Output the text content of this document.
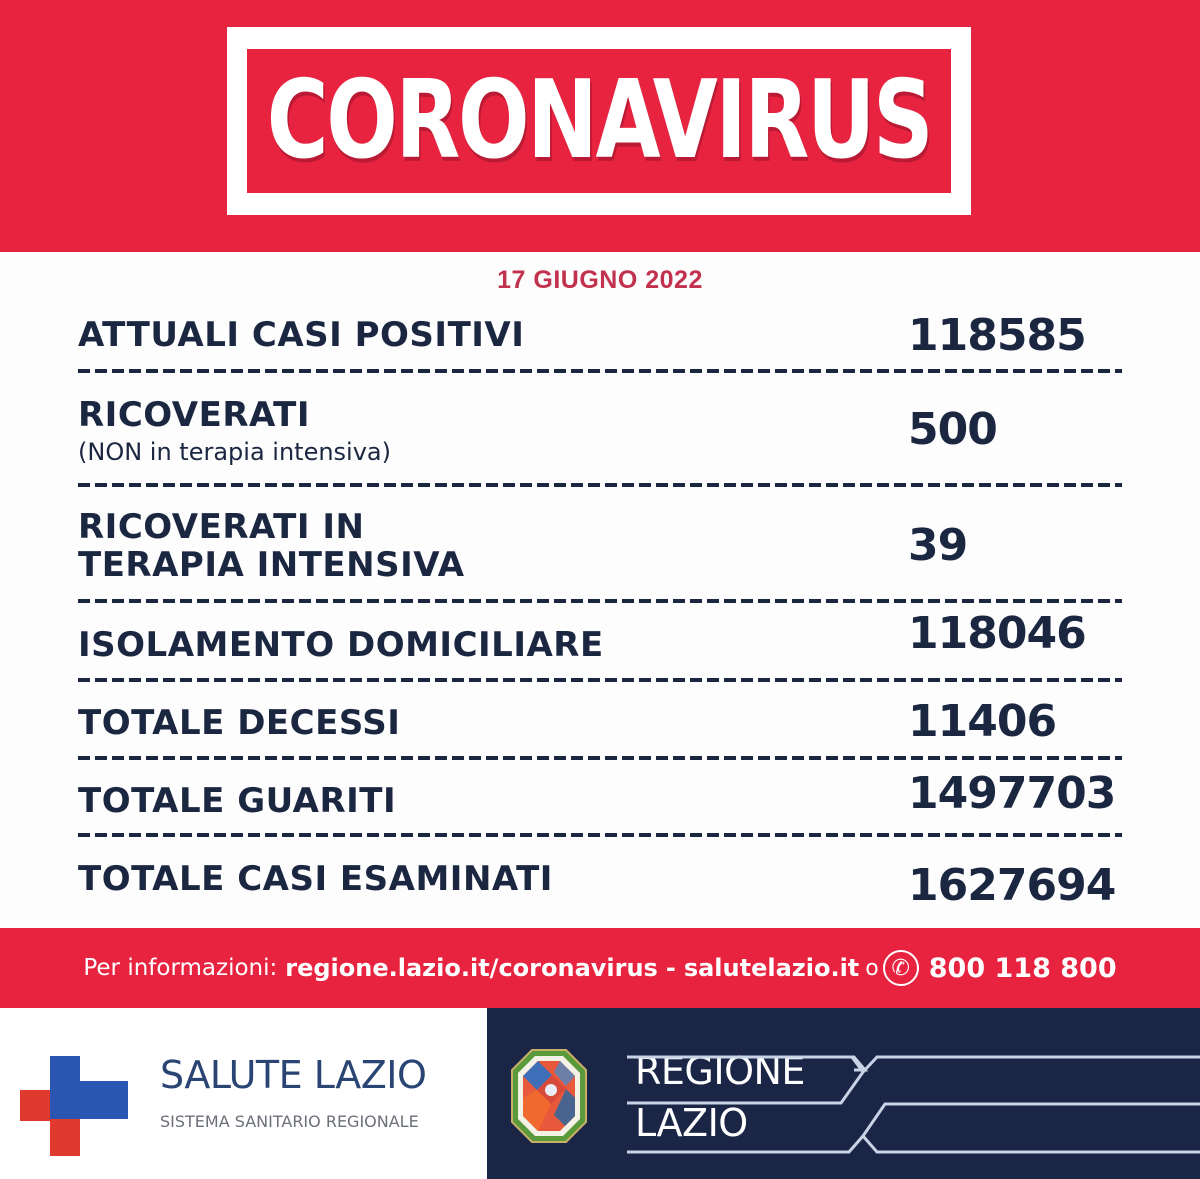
CORONAVIRUS
17 GIUGNO 2022
ATTUALI CASI POSITIVI	118585
RICOVERATI
(NON in terapia intensiva)	500
RICOVERATI IN
TERAPIA INTENSIVA	39
ISOLAMENTO DOMICILIARE	118046
TOTALE DECESSI	11406
TOTALE GUARITI	1497703
TOTALE CASI ESAMINATI	1627694
Per informazioni: regione.lazio.it/coronavirus - salutelazio.it o ✆ 800 118 800
SALUTE LAZIO
SISTEMA SANITARIO REGIONALE
REGIONE
LAZIO
